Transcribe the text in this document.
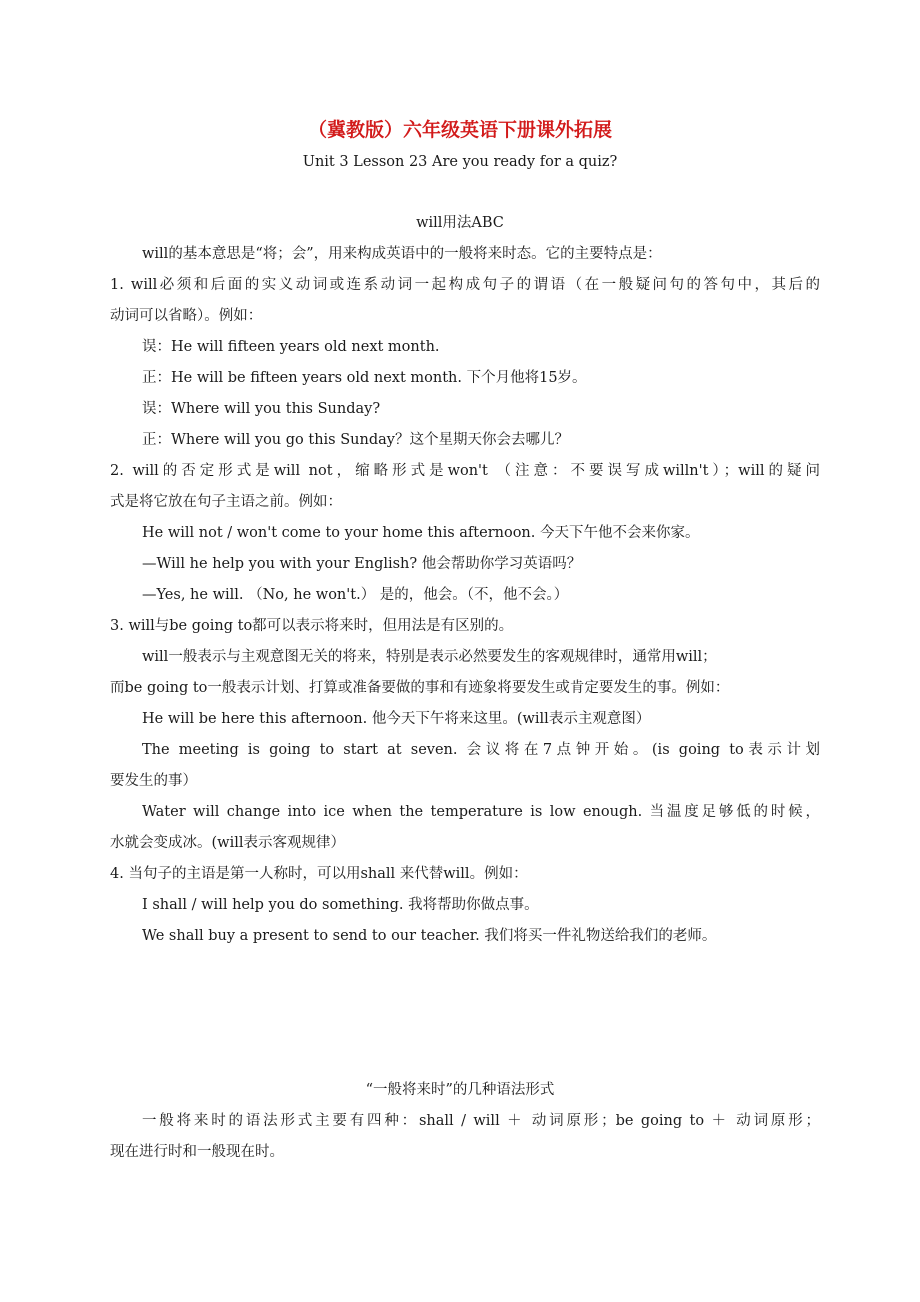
（冀教版）六年级英语下册课外拓展
Unit 3 Lesson 23 Are you ready for a quiz?
will用法ABC
will的基本意思是“将；会”，用来构成英语中的一般将来时态。它的主要特点是：
1. will必须和后面的实义动词或连系动词一起构成句子的谓语（在一般疑问句的答句中，其后的
动词可以省略）。例如：
误：He will fifteen years old next month.
正：He will be fifteen years old next month. 下个月他将15岁。
误：Where will you this Sunday?
正：Where will you go this Sunday？这个星期天你会去哪儿？
2. will的否定形式是will not，缩略形式是won't （注意：不要误写成willn't）；will的疑问
式是将它放在句子主语之前。例如：
He will not / won't come to your home this afternoon. 今天下午他不会来你家。
—Will he help you with your English? 他会帮助你学习英语吗？
—Yes, he will. （No, he won't.） 是的，他会。（不，他不会。）
3. will与be going to都可以表示将来时，但用法是有区别的。
will一般表示与主观意图无关的将来，特别是表示必然要发生的客观规律时，通常用will；
而be going to一般表示计划、打算或准备要做的事和有迹象将要发生或肯定要发生的事。例如：
He will be here this afternoon. 他今天下午将来这里。(will表示主观意图）
The meeting is going to start at seven. 会议将在7点钟开始。(is going to表示计划
要发生的事）
Water will change into ice when the temperature is low enough. 当温度足够低的时候，
水就会变成冰。(will表示客观规律）
4. 当句子的主语是第一人称时，可以用shall 来代替will。例如：
I shall / will help you do something. 我将帮助你做点事。
We shall buy a present to send to our teacher. 我们将买一件礼物送给我们的老师。
“一般将来时”的几种语法形式
一般将来时的语法形式主要有四种：shall / will ＋ 动词原形；be going to ＋ 动词原形；
现在进行时和一般现在时。
